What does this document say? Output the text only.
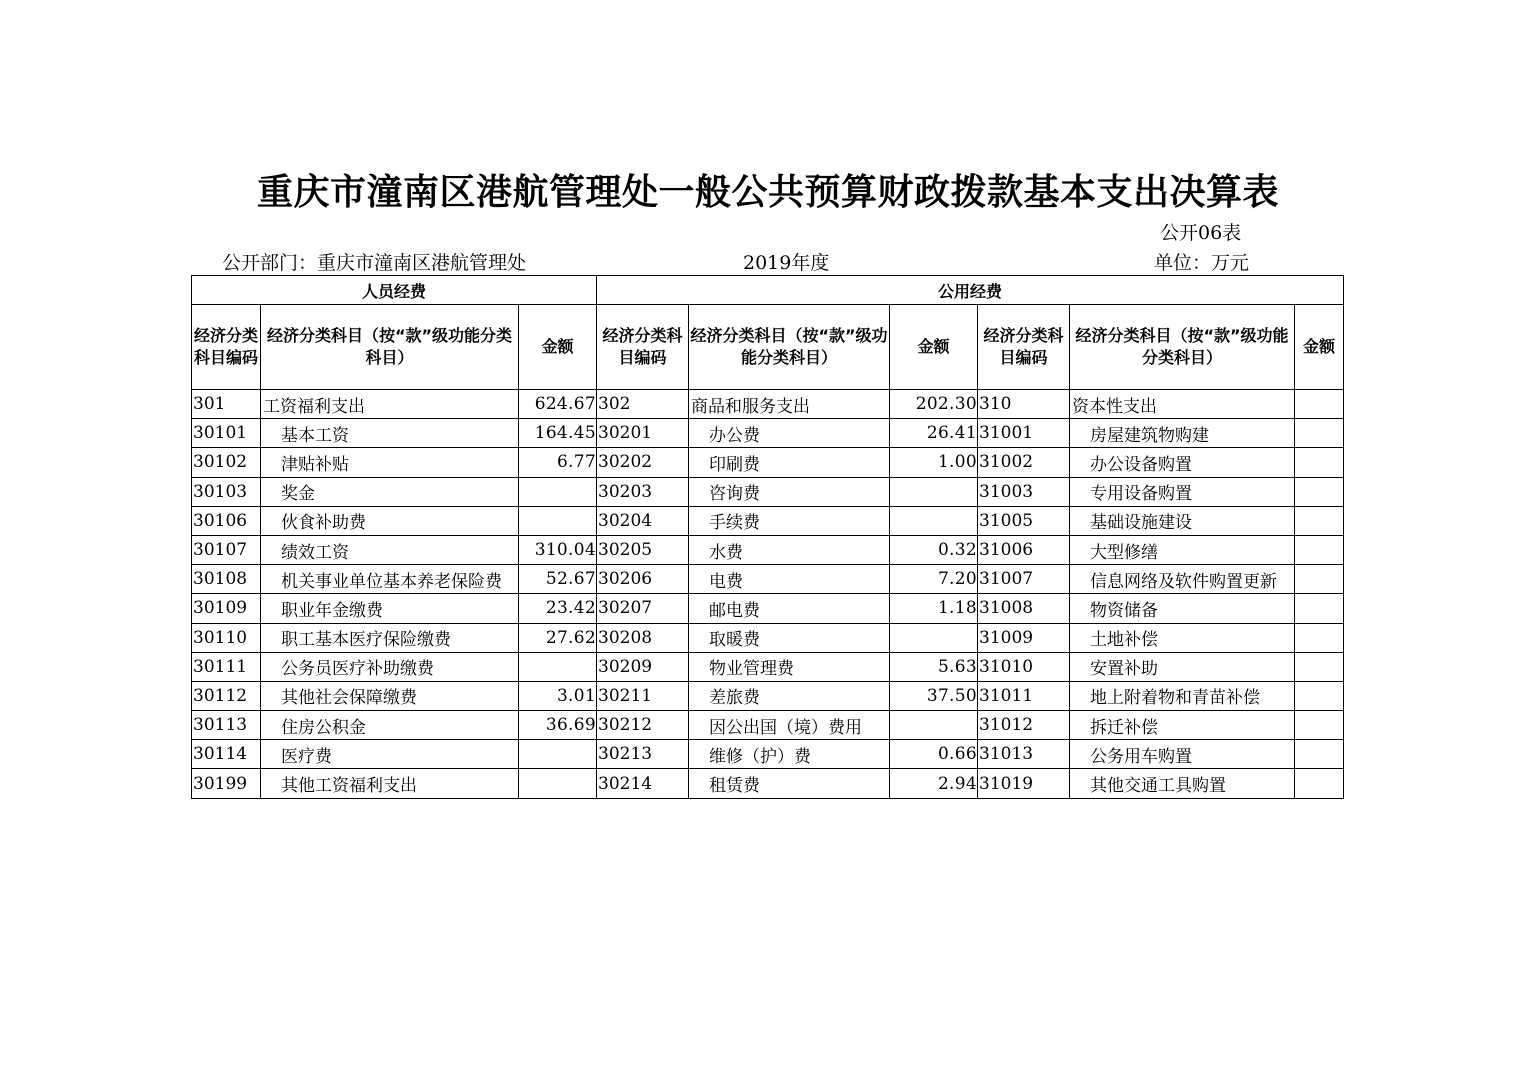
重庆市潼南区港航管理处一般公共预算财政拨款基本支出决算表
公开06表
公开部门：重庆市潼南区港航管理处	2019年度	单位：万元
人员经费			公用经费					
经济分类科目编码	经济分类科目（按“款”级功能分类科目）	金额	经济分类科目编码	经济分类科目（按“款”级功能分类科目）	金额	经济分类科目编码	经济分类科目（按“款”级功能分类科目）	金额
301	工资福利支出	624.67	302	商品和服务支出	202.30	310	资本性支出	
30101	基本工资	164.45	30201	办公费	26.41	31001	房屋建筑物购建	
30102	津贴补贴	6.77	30202	印刷费	1.00	31002	办公设备购置	
30103	奖金		30203	咨询费		31003	专用设备购置	
30106	伙食补助费		30204	手续费		31005	基础设施建设	
30107	绩效工资	310.04	30205	水费	0.32	31006	大型修缮	
30108	机关事业单位基本养老保险费	52.67	30206	电费	7.20	31007	信息网络及软件购置更新	
30109	职业年金缴费	23.42	30207	邮电费	1.18	31008	物资储备	
30110	职工基本医疗保险缴费	27.62	30208	取暖费		31009	土地补偿	
30111	公务员医疗补助缴费		30209	物业管理费	5.63	31010	安置补助	
30112	其他社会保障缴费	3.01	30211	差旅费	37.50	31011	地上附着物和青苗补偿	
30113	住房公积金	36.69	30212	因公出国（境）费用		31012	拆迁补偿	
30114	医疗费		30213	维修（护）费	0.66	31013	公务用车购置	
30199	其他工资福利支出		30214	租赁费	2.94	31019	其他交通工具购置	
